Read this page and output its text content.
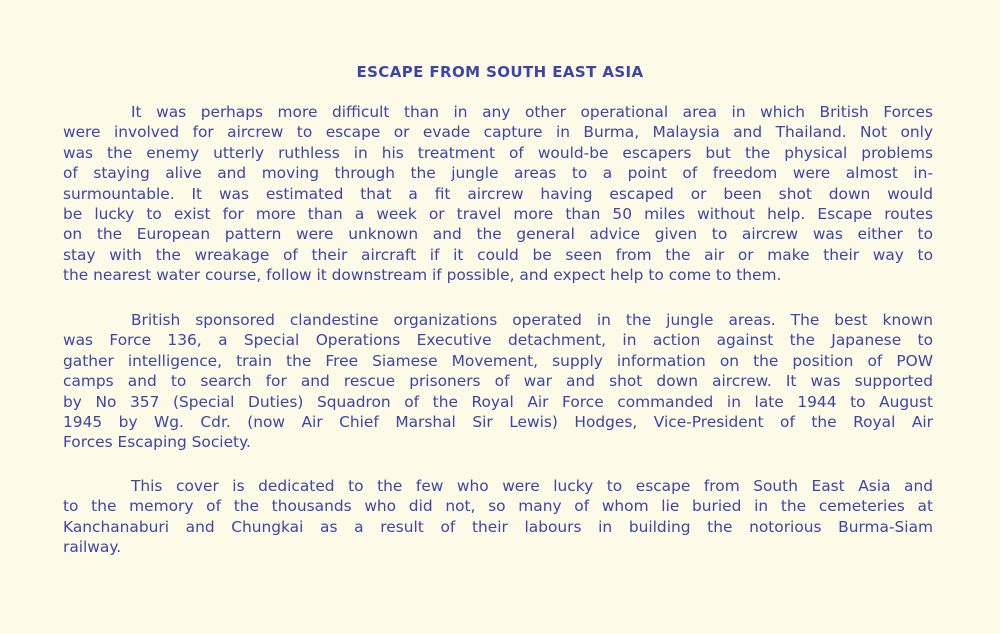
ESCAPE FROM SOUTH EAST ASIA

It was perhaps more difficult than in any other operational area in which British Forces
were involved for aircrew to escape or evade capture in Burma, Malaysia and Thailand. Not only
was the enemy utterly ruthless in his treatment of would-be escapers but the physical problems
of staying alive and moving through the jungle areas to a point of freedom were almost in-
surmountable. It was estimated that a fit aircrew having escaped or been shot down would
be lucky to exist for more than a week or travel more than 50 miles without help. Escape routes
on the European pattern were unknown and the general advice given to aircrew was either to
stay with the wreakage of their aircraft if it could be seen from the air or make their way to
the nearest water course, follow it downstream if possible, and expect help to come to them.

British sponsored clandestine organizations operated in the jungle areas. The best known
was Force 136, a Special Operations Executive detachment, in action against the Japanese to
gather intelligence, train the Free Siamese Movement, supply information on the position of POW
camps and to search for and rescue prisoners of war and shot down aircrew. It was supported
by No 357 (Special Duties) Squadron of the Royal Air Force commanded in late 1944 to August
1945 by Wg. Cdr. (now Air Chief Marshal Sir Lewis) Hodges, Vice-President of the Royal Air
Forces Escaping Society.

This cover is dedicated to the few who were lucky to escape from South East Asia and
to the memory of the thousands who did not, so many of whom lie buried in the cemeteries at
Kanchanaburi and Chungkai as a result of their labours in building the notorious Burma-Siam
railway.
